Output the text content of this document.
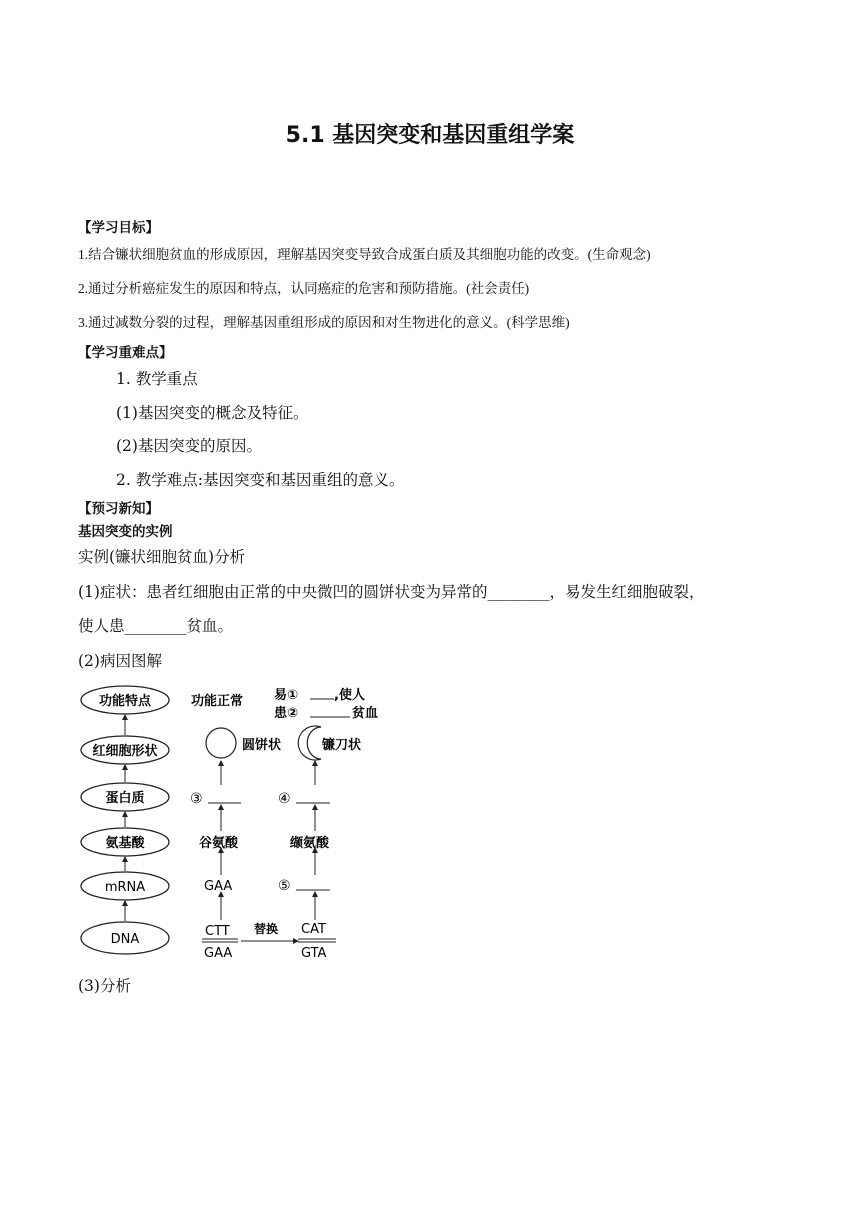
5.1 基因突变和基因重组学案
【学习目标】
1.结合镰状细胞贫血的形成原因，理解基因突变导致合成蛋白质及其细胞功能的改变。(生命观念)
2.通过分析癌症发生的原因和特点，认同癌症的危害和预防措施。(社会责任)
3.通过减数分裂的过程，理解基因重组形成的原因和对生物进化的意义。(科学思维)
【学习重难点】
1. 教学重点
(1)基因突变的概念及特征。
(2)基因突变的原因。
2. 教学难点:基因突变和基因重组的意义。
【预习新知】
基因突变的实例
实例(镰状细胞贫血)分析
(1)症状：患者红细胞由正常的中央微凹的圆饼状变为异常的________，易发生红细胞破裂，
使人患________贫血。
(2)病因图解
功能特点
红细胞形状
蛋白质
氨基酸
mRNA
DNA
功能正常 易①	,使人
患②	贫血
圆饼状	镰刀状
③	④
谷氨酸	缬氨酸
GAA	⑤
CTT
GAA
替换 CAT
GTA
(3)分析
